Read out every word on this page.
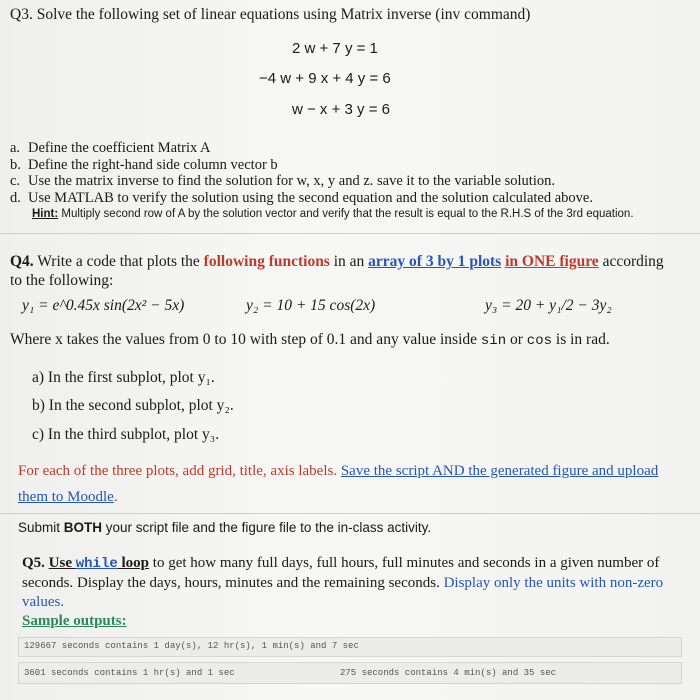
Q3. Solve the following set of linear equations using Matrix inverse (inv command)
2 w + 7 y = 1
−4 w + 9 x + 4 y = 6
w − x + 3 y = 6
a. Define the coefficient Matrix A
b. Define the right-hand side column vector b
c. Use the matrix inverse to find the solution for w, x, y and z. save it to the variable solution.
d. Use MATLAB to verify the solution using the second equation and the solution calculated above.
Hint: Multiply second row of A by the solution vector and verify that the result is equal to the R.H.S of the 3rd equation.
Q4. Write a code that plots the following functions in an array of 3 by 1 plots in ONE figure according to the following:
y₁ = e^0.45x sin(2x² − 5x)	y₂ = 10 + 15 cos(2x)	y₃ = 20 + y₁/2 − 3y₂
Where x takes the values from 0 to 10 with step of 0.1 and any value inside sin or cos is in rad.
a) In the first subplot, plot y₁.
b) In the second subplot, plot y₂.
c) In the third subplot, plot y₃.
For each of the three plots, add grid, title, axis labels. Save the script AND the generated figure and upload them to Moodle.
Submit BOTH your script file and the figure file to the in-class activity.
Q5. Use while loop to get how many full days, full hours, full minutes and seconds in a given number of seconds. Display the days, hours, minutes and the remaining seconds. Display only the units with non-zero values.
Sample outputs:
129667 seconds contains 1 day(s), 12 hr(s), 1 min(s) and 7 sec
3601 seconds contains 1 hr(s) and 1 sec	275 seconds contains 4 min(s) and 35 sec
